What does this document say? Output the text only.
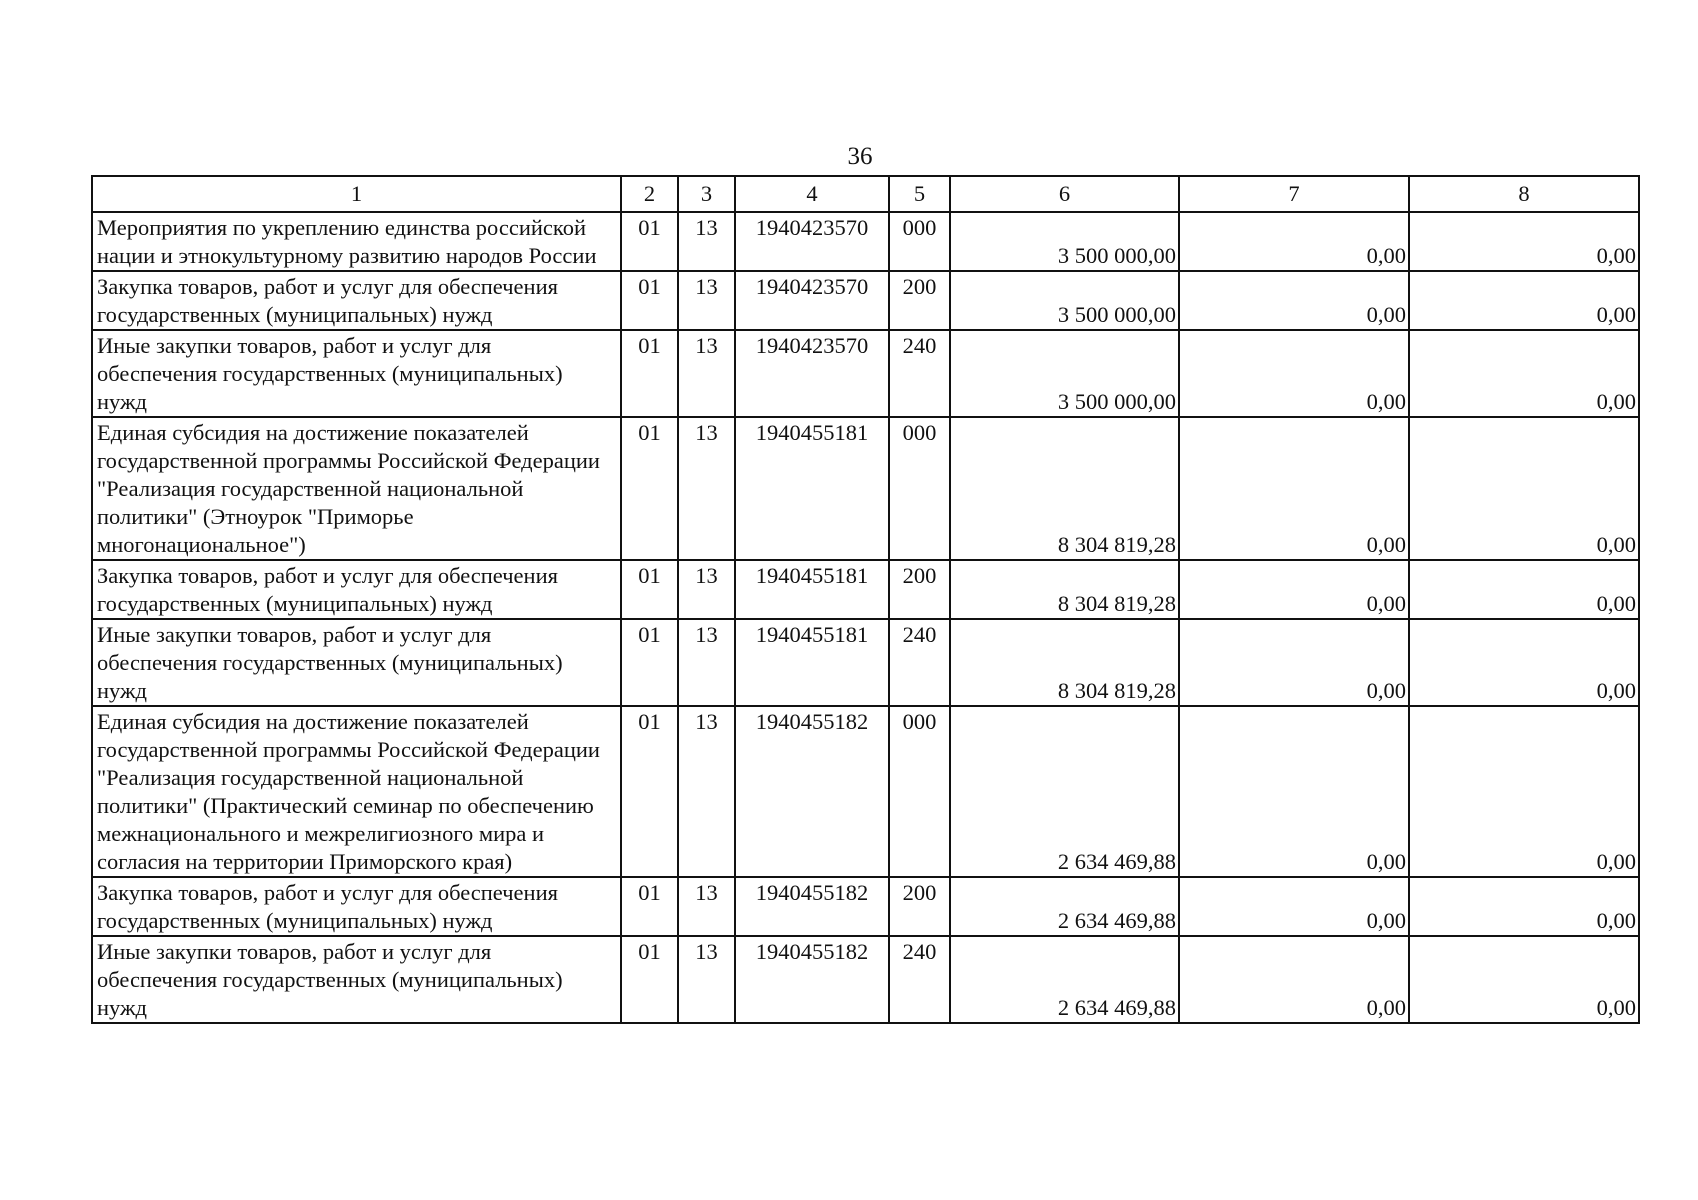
36
1	2	3	4	5	6	7	8
Мероприятия по укреплению единства российской нации и этнокультурному развитию народов России	01	13	1940423570	000	3 500 000,00	0,00	0,00
Закупка товаров, работ и услуг для обеспечения государственных (муниципальных) нужд	01	13	1940423570	200	3 500 000,00	0,00	0,00
Иные закупки товаров, работ и услуг для обеспечения государственных (муниципальных) нужд	01	13	1940423570	240	3 500 000,00	0,00	0,00
Единая субсидия на достижение показателей государственной программы Российской Федерации "Реализация государственной национальной политики" (Этноурок "Приморье многонациональное")	01	13	1940455181	000	8 304 819,28	0,00	0,00
Закупка товаров, работ и услуг для обеспечения государственных (муниципальных) нужд	01	13	1940455181	200	8 304 819,28	0,00	0,00
Иные закупки товаров, работ и услуг для обеспечения государственных (муниципальных) нужд	01	13	1940455181	240	8 304 819,28	0,00	0,00
Единая субсидия на достижение показателей государственной программы Российской Федерации "Реализация государственной национальной политики" (Практический семинар по обеспечению межнационального и межрелигиозного мира и согласия на территории Приморского края)	01	13	1940455182	000	2 634 469,88	0,00	0,00
Закупка товаров, работ и услуг для обеспечения государственных (муниципальных) нужд	01	13	1940455182	200	2 634 469,88	0,00	0,00
Иные закупки товаров, работ и услуг для обеспечения государственных (муниципальных) нужд	01	13	1940455182	240	2 634 469,88	0,00	0,00
